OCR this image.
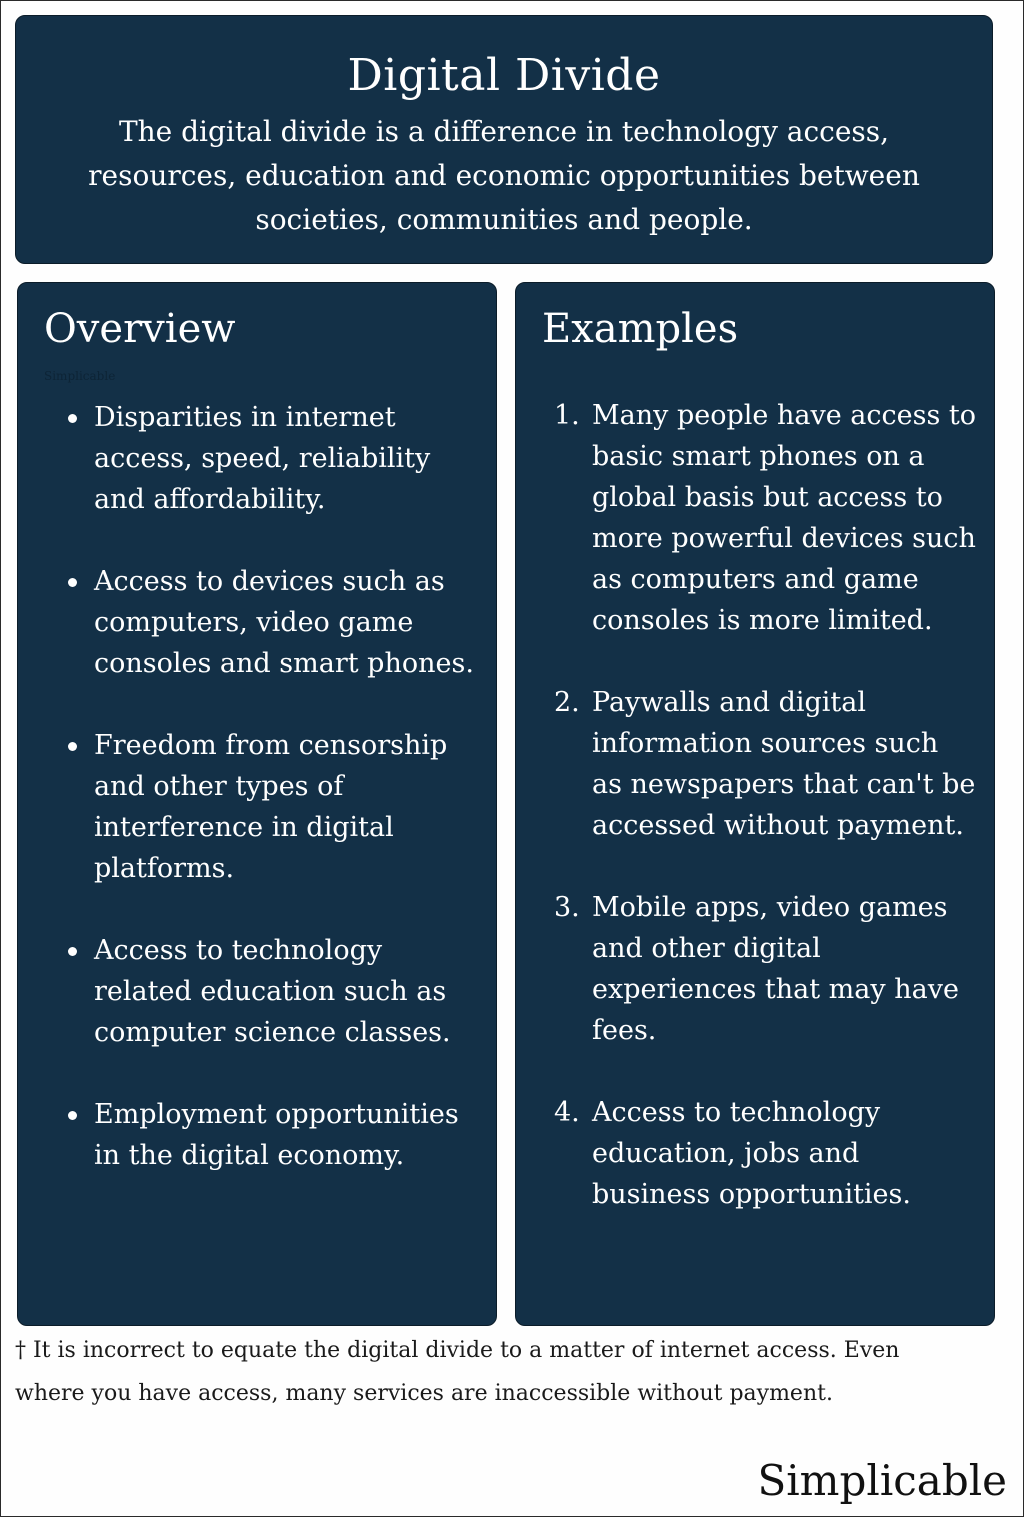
Digital Divide

The digital divide is a difference in technology access, resources, education and economic opportunities between societies, communities and people.

Overview
Simplicable
Disparities in internet access, speed, reliability and affordability.
Access to devices such as computers, video game consoles and smart phones.
Freedom from censorship and other types of interference in digital platforms.
Access to technology related education such as computer science classes.
Employment opportunities in the digital economy.
Examples
1. Many people have access to basic smart phones on a global basis but access to more powerful devices such as computers and game consoles is more limited.
2. Paywalls and digital information sources such as newspapers that can't be accessed without payment.
3. Mobile apps, video games and other digital experiences that may have fees.
4. Access to technology education, jobs and business opportunities.
† It is incorrect to equate the digital divide to a matter of internet access. Even where you have access, many services are inaccessible without payment.
Simplicable
